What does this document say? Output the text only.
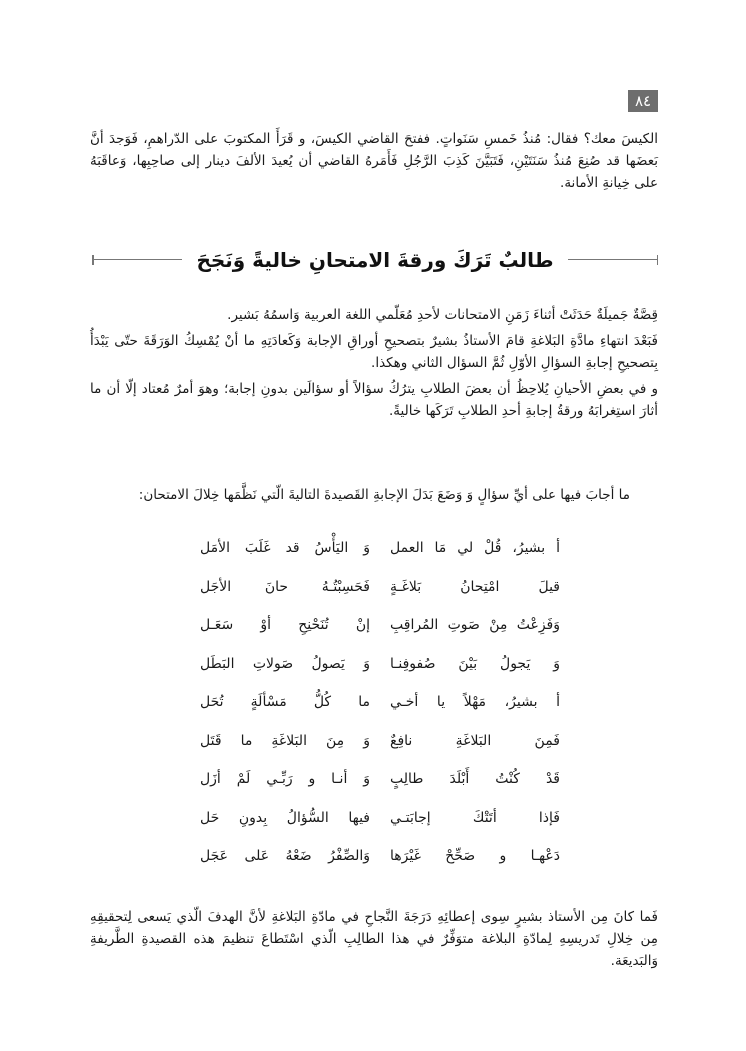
٨٤

الكيسَ معك؟ فقال: مُنذُ خَمسِ سَنَواتٍ. ففتحَ القاضي الكيسَ، و قَرَأَ المكتوبَ على الدّراهمِ، فَوَجدَ أنَّ بَعضَها قد صُنِعَ مُنذُ سَنَتَيْنِ، فَتَبَيَّنَ كَذِبَ الرَّجُلِ فَأَمَرهُ القاضي أن يُعيدَ الألفَ دينار إلى صاحِبِها، وَعاقَبَهُ على خِيانةِ الأمانة.

طالبٌ تَرَكَ ورقةَ الامتحانِ خاليةً وَنَجَحَ

قِصَّةٌ جَميلَةٌ حَدَثَتْ أثناءَ زَمَنِ الامتحانات لأحدِ مُعَلّمي اللغة العربية وَاسمُهُ بَشير.

فَبَعْدَ انتهاءِ مادَّةِ البَلاغةِ قامَ الأستاذُ بشيرٌ بتصحيحِ أوراقِ الإجابة وَكَعادَتِهِ ما أنْ يُمْسِكُ الوَرَقَةَ حتّى يَبْدَأُ بِتصحيحِ إجابةِ السؤالِ الأوّلِ ثُمَّ السؤال الثاني وهكذا.

و في بعضِ الأحيانِ يُلاحِظُ أن بعضَ الطلابِ يترُكُ سؤالاً أو سؤالَين بدونِ إجابة؛ وهوَ أمرٌ مُعتاد إلّا أن ما أثارَ استِغرابَهُ ورقةُ إجابةِ أحدِ الطلابِ تَرَكَها خاليةً.

ما أجابَ فيها على أيِّ سؤالٍ وَ وَضَعَ بَدَلَ الإجابةِ القَصيدةَ التاليةَ الّتي نَظَّمَها خِلالَ الامتحان:

أ بشيرُ، قُلْ لي مَا العمل
وَ اليَأْسُ قد غَلَبَ الأمَل
قيلَ امْتِحانُ بَلاغَـةٍ
فَحَسِبْتُـهُ حانَ الأجَل
وَفَزِعْتُ مِنْ صَوتِ المُراقِبِ
إنْ تُنَحْنِحِ أوْ سَعَـل
وَ يَجولُ بَيْنَ صُفوفِنـا
وَ يَصولُ صَولاتِ البَطَل
أ بشيرُ، مَهْلاً يا أخـي
ما كُلُّ مَسْألَةٍ تُحَل
فَمِنَ البَلاغَةِ نافِعٌ
وَ مِنَ البَلاغَةِ ما قَتَل
قَدْ كُنْتُ أَبْلَدَ طالِبٍ
وَ أنـا و رَبِّـي لَمْ أزَل
فَإذا أتَتْكَ إجابَتـي
فيها السُّؤالُ بِدونِ حَل
دَعْهـا و صَحِّحْ غَيْرَها
وَالصِّفْرُ ضَعْهُ عَلى عَجَل

فَما كانَ مِن الأستاذ بشيرٍ سِوى إعطائِهِ دَرَجَةَ النَّجاحِ في مادّةِ البَلاغةِ لأنَّ الهدفَ الّذي يَسعى لِتحقيقِهِ مِن خِلالِ تَدريسِهِ لِمادّةِ البلاغة متوَفِّرٌ في هذا الطالِبِ الّذي اسْتَطاعَ تنظيمَ هذه القصيدةِ الطَّريفةِ وَالبَديعَة.
